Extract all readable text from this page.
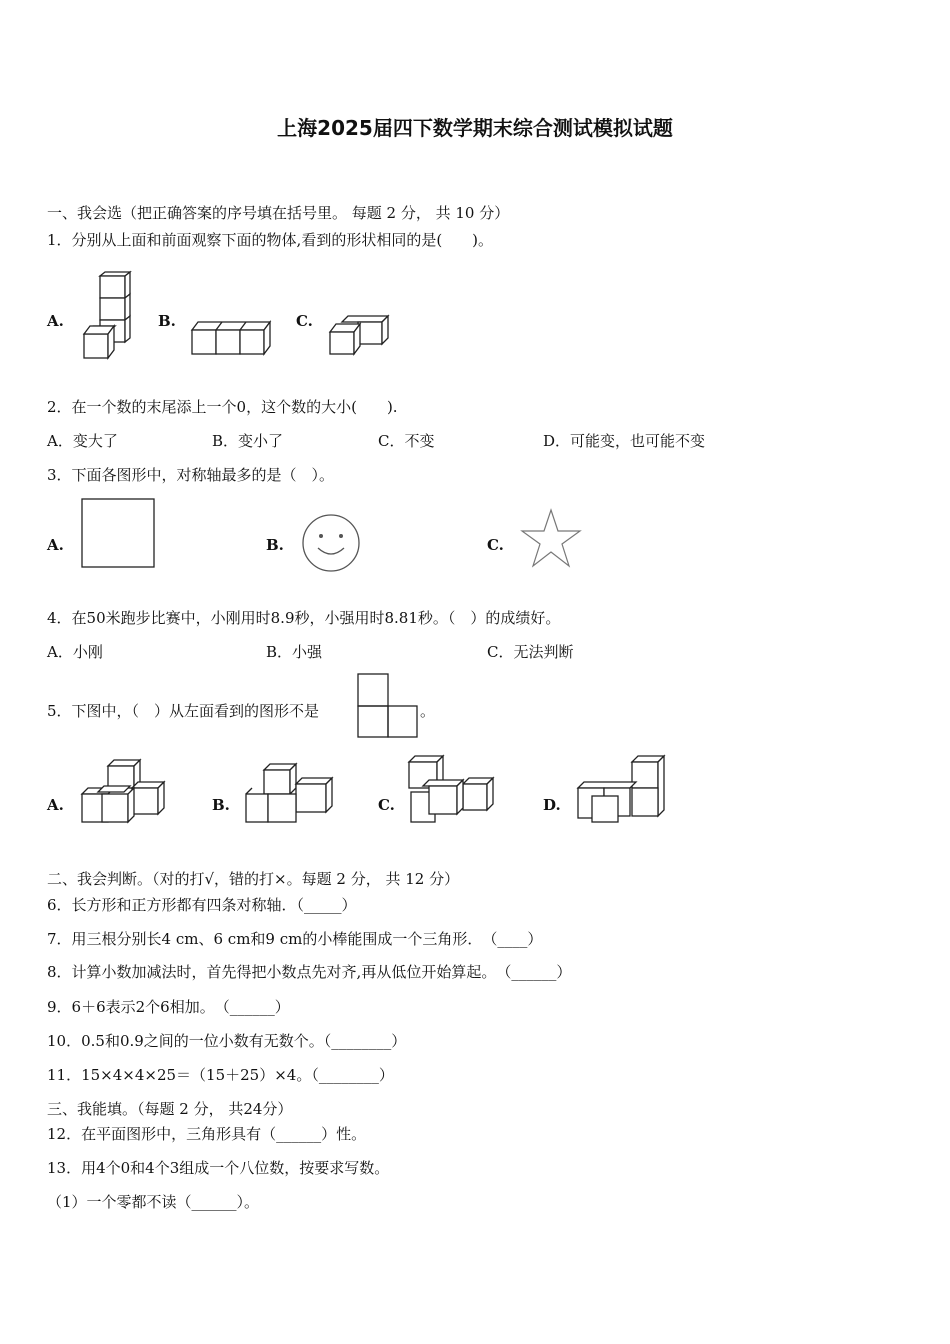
上海2025届四下数学期末综合测试模拟试题
一、我会选（把正确答案的序号填在括号里。 每题 2 分， 共 10 分）
1．分别从上面和前面观察下面的物体,看到的形状相同的是(　　)。
A.	B.	C.
2．在一个数的末尾添上一个0，这个数的大小(　　).
A．变大了	B．变小了	C．不变	D．可能变，也可能不变
3．下面各图形中，对称轴最多的是（　）。
A.	B.	C.
4．在50米跑步比赛中，小刚用时8.9秒，小强用时8.81秒。（　）的成绩好。
A．小刚	B．小强	C．无法判断
5．下图中，（　）从左面看到的图形不是	。
A.	B.	C.	D.
二、我会判断。（对的打√，错的打×。每题 2 分， 共 12 分）
6．长方形和正方形都有四条对称轴．（_____）
7．用三根分别长4 cm、6 cm和9 cm的小棒能围成一个三角形．　（____）
8．计算小数加减法时，首先得把小数点先对齐,再从低位开始算起。　（______）
9．6＋6表示2个6相加。　（______）
10．0.5和0.9之间的一位小数有无数个。（________）
11．15×4×4×25＝（15＋25）×4。（________）
三、我能填。（每题 2 分， 共24分）
12．在平面图形中，三角形具有（______）性。
13．用4个0和4个3组成一个八位数，按要求写数。
（1）一个零都不读（______）。
